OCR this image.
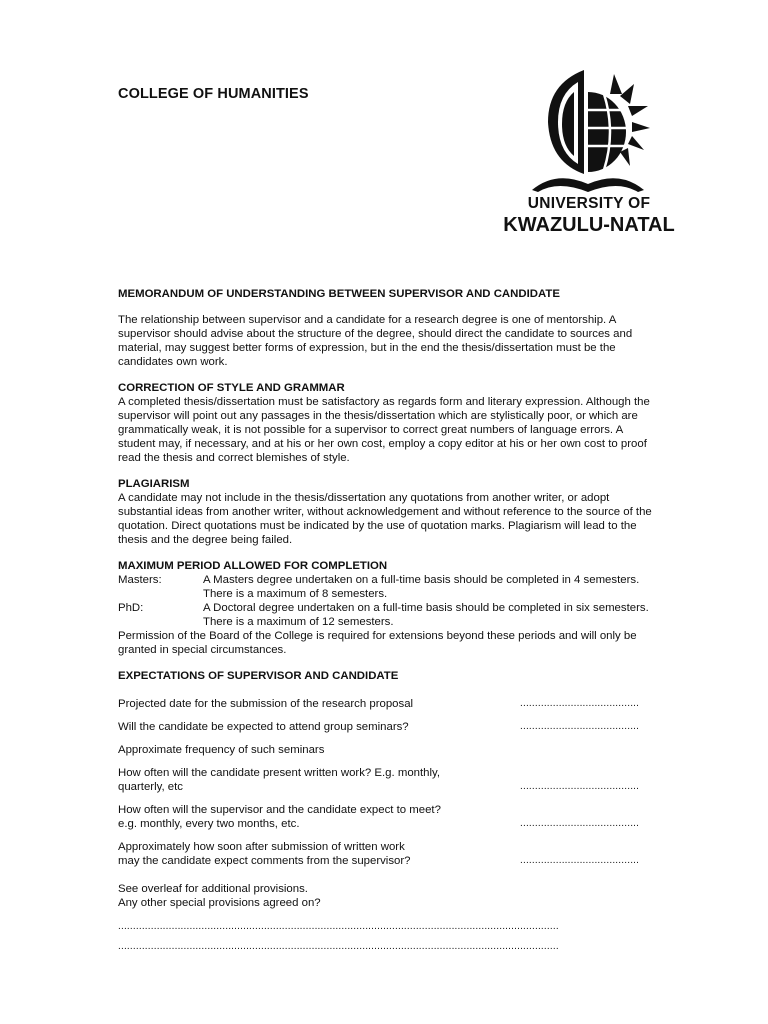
COLLEGE OF HUMANITIES
UNIVERSITY OF
KWAZULU-NATAL

MEMORANDUM OF UNDERSTANDING BETWEEN SUPERVISOR AND CANDIDATE

The relationship between supervisor and a candidate for a research degree is one of mentorship. A supervisor should advise about the structure of the degree, should direct the candidate to sources and material, may suggest better forms of expression, but in the end the thesis/dissertation must be the candidates own work.

CORRECTION OF STYLE AND GRAMMAR

A completed thesis/dissertation must be satisfactory as regards form and literary expression. Although the supervisor will point out any passages in the thesis/dissertation which are stylistically poor, or which are grammatically weak, it is not possible for a supervisor to correct great numbers of language errors. A student may, if necessary, and at his or her own cost, employ a copy editor at his or her own cost to proof read the thesis and correct blemishes of style.

PLAGIARISM

A candidate may not include in the thesis/dissertation any quotations from another writer, or adopt substantial ideas from another writer, without acknowledgement and without reference to the source of the quotation. Direct quotations must be indicated by the use of quotation marks. Plagiarism will lead to the thesis and the degree being failed.

MAXIMUM PERIOD ALLOWED FOR COMPLETION

Masters:	A Masters degree undertaken on a full-time basis should be completed in 4 semesters. There is a maximum of 8 semesters.
PhD:	A Doctoral degree undertaken on a full-time basis should be completed in six semesters. There is a maximum of 12 semesters.

Permission of the Board of the College is required for extensions beyond these periods and will only be granted in special circumstances.

EXPECTATIONS OF SUPERVISOR AND CANDIDATE

Projected date for the submission of the research proposal	........................................
Will the candidate be expected to attend group seminars?	........................................
Approximate frequency of such seminars
How often will the candidate present written work? E.g. monthly, quarterly, etc	........................................
How often will the supervisor and the candidate expect to meet? e.g. monthly, every two months, etc.	........................................
Approximately how soon after submission of written work may the candidate expect comments from the supervisor?	........................................

See overleaf for additional provisions.

Any other special provisions agreed on?

....................................................................................................................................................
....................................................................................................................................................
